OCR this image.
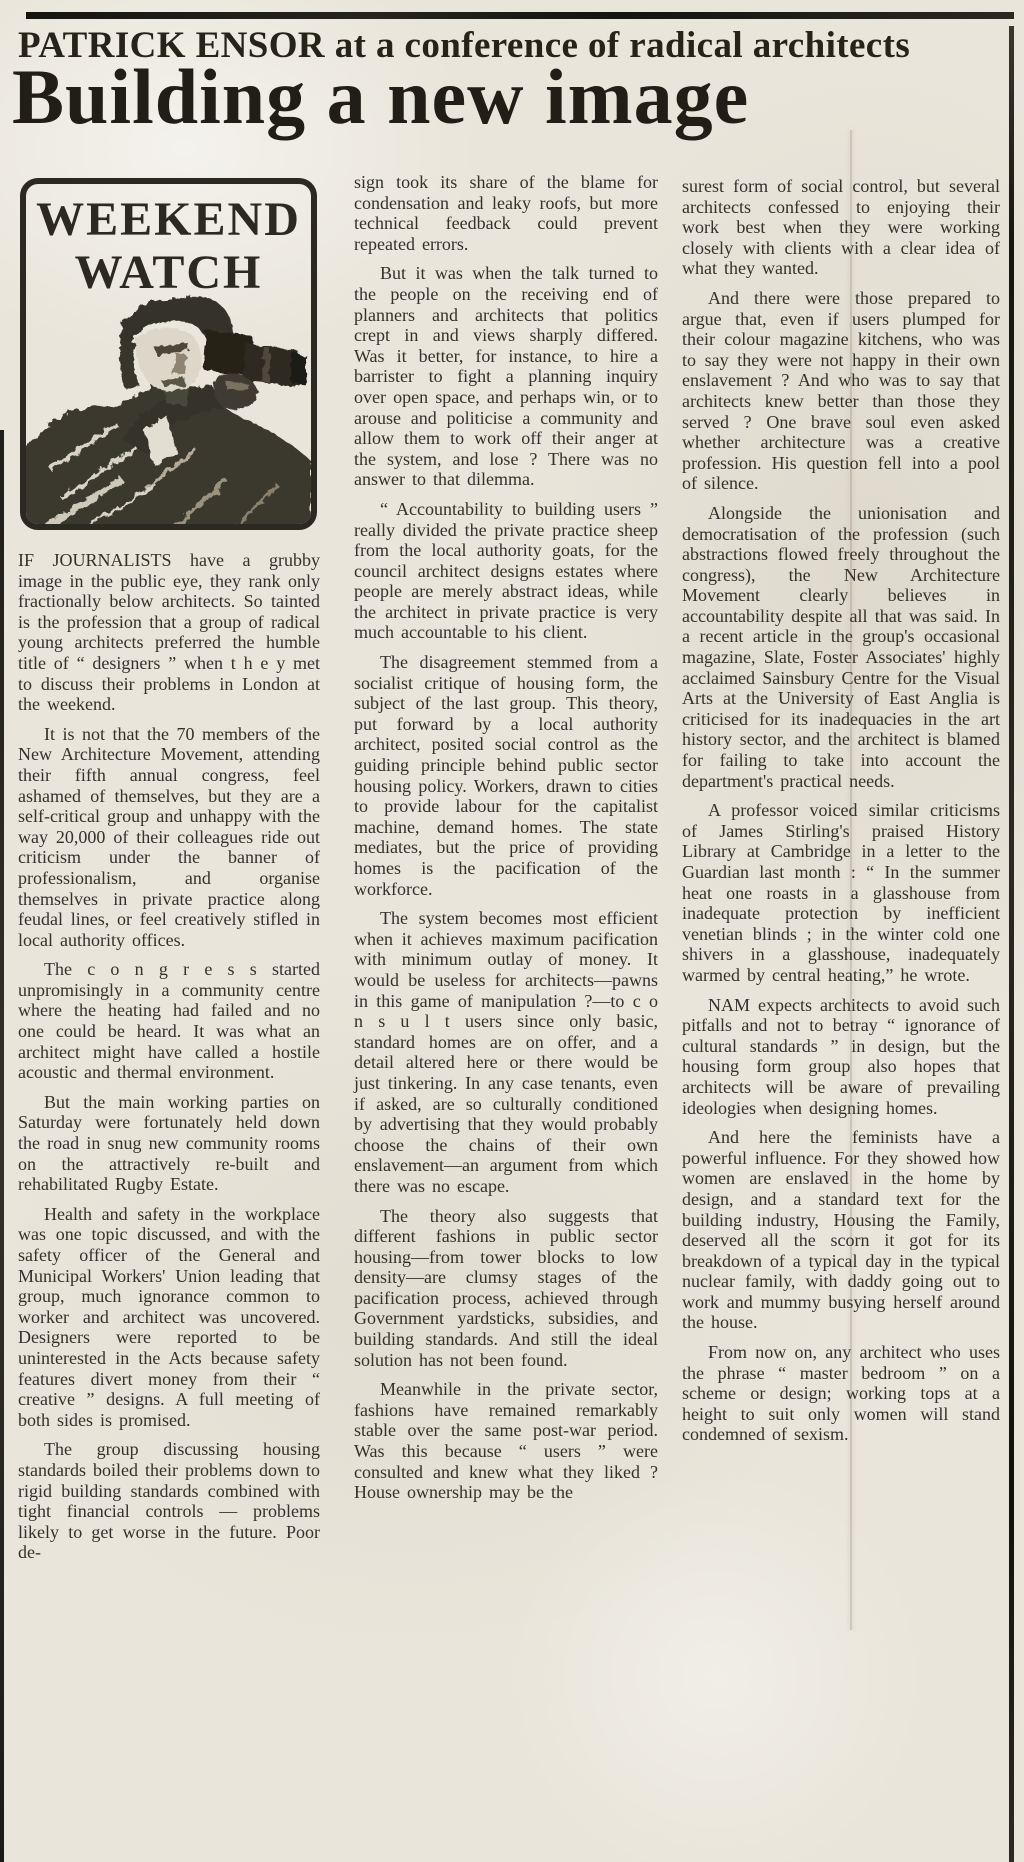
PATRICK ENSOR at a conference of radical architects
Building a new image
WEEKEND
WATCH

IF JOURNALISTS have a grubby image in the public eye, they rank only fractionally below architects. So tainted is the profession that a group of radical young architects preferred the humble title of “ designers ” when t h e y met to discuss their problems in London at the weekend.

It is not that the 70 members of the New Architecture Movement, attending their fifth annual congress, feel ashamed of themselves, but they are a self-critical group and unhappy with the way 20,000 of their colleagues ride out criticism under the banner of professionalism, and organise themselves in private practice along feudal lines, or feel creatively stifled in local authority offices.

The c o n g r e s s started unpromisingly in a community centre where the heating had failed and no one could be heard. It was what an architect might have called a hostile acoustic and thermal environment.

But the main working parties on Saturday were fortunately held down the road in snug new community rooms on the attractively re-built and rehabilitated Rugby Estate.

Health and safety in the workplace was one topic discussed, and with the safety officer of the General and Municipal Workers' Union leading that group, much ignorance common to worker and architect was uncovered. Designers were reported to be uninterested in the Acts because safety features divert money from their “ creative ” designs. A full meeting of both sides is promised.

The group discussing housing standards boiled their problems down to rigid building standards combined with tight financial controls — problems likely to get worse in the future. Poor de-

sign took its share of the blame for condensation and leaky roofs, but more technical feedback could prevent repeated errors.

But it was when the talk turned to the people on the receiving end of planners and architects that politics crept in and views sharply differed. Was it better, for instance, to hire a barrister to fight a planning inquiry over open space, and perhaps win, or to arouse and politicise a community and allow them to work off their anger at the system, and lose ? There was no answer to that dilemma.

“ Accountability to building users ” really divided the private practice sheep from the local authority goats, for the council architect designs estates where people are merely abstract ideas, while the architect in private practice is very much accountable to his client.

The disagreement stemmed from a socialist critique of housing form, the subject of the last group. This theory, put forward by a local authority architect, posited social control as the guiding principle behind public sector housing policy. Workers, drawn to cities to provide labour for the capitalist machine, demand homes. The state mediates, but the price of providing homes is the pacification of the workforce.

The system becomes most efficient when it achieves maximum pacification with minimum outlay of money. It would be useless for architects—pawns in this game of manipulation ?—to c o n s u l t users since only basic, standard homes are on offer, and a detail altered here or there would be just tinkering. In any case tenants, even if asked, are so culturally conditioned by advertising that they would probably choose the chains of their own enslavement—an argument from which there was no escape.

The theory also suggests that different fashions in public sector housing—from tower blocks to low density—are clumsy stages of the pacification process, achieved through Government yardsticks, subsidies, and building standards. And still the ideal solution has not been found.

Meanwhile in the private sector, fashions have remained remarkably stable over the same post-war period. Was this because “ users ” were consulted and knew what they liked ? House ownership may be the

surest form of social control, but several architects confessed to enjoying their work best when they were working closely with clients with a clear idea of what they wanted.

And there were those prepared to argue that, even if users plumped for their colour magazine kitchens, who was to say they were not happy in their own enslavement ? And who was to say that architects knew better than those they served ? One brave soul even asked whether architecture was a creative profession. His question fell into a pool of silence.

Alongside the unionisation and democratisation of the profession (such abstractions flowed freely throughout the congress), the New Architecture Movement clearly believes in accountability despite all that was said. In a recent article in the group's occasional magazine, Slate, Foster Associates' highly acclaimed Sainsbury Centre for the Visual Arts at the University of East Anglia is criticised for its inadequacies in the art history sector, and the architect is blamed for failing to take into account the department's practical needs.

A professor voiced similar criticisms of James Stirling's praised History Library at Cambridge in a letter to the Guardian last month : “ In the summer heat one roasts in a glasshouse from inadequate protection by inefficient venetian blinds ; in the winter cold one shivers in a glasshouse, inadequately warmed by central heating,” he wrote.

NAM expects architects to avoid such pitfalls and not to betray “ ignorance of cultural standards ” in design, but the housing form group also hopes that architects will be aware of prevailing ideologies when designing homes.

And here the feminists have a powerful influence. For they showed how women are enslaved in the home by design, and a standard text for the building industry, Housing the Family, deserved all the scorn it got for its breakdown of a typical day in the typical nuclear family, with daddy going out to work and mummy busying herself around the house.

From now on, any architect who uses the phrase “ master bedroom ” on a scheme or design; working tops at a height to suit only women will stand condemned of sexism.
